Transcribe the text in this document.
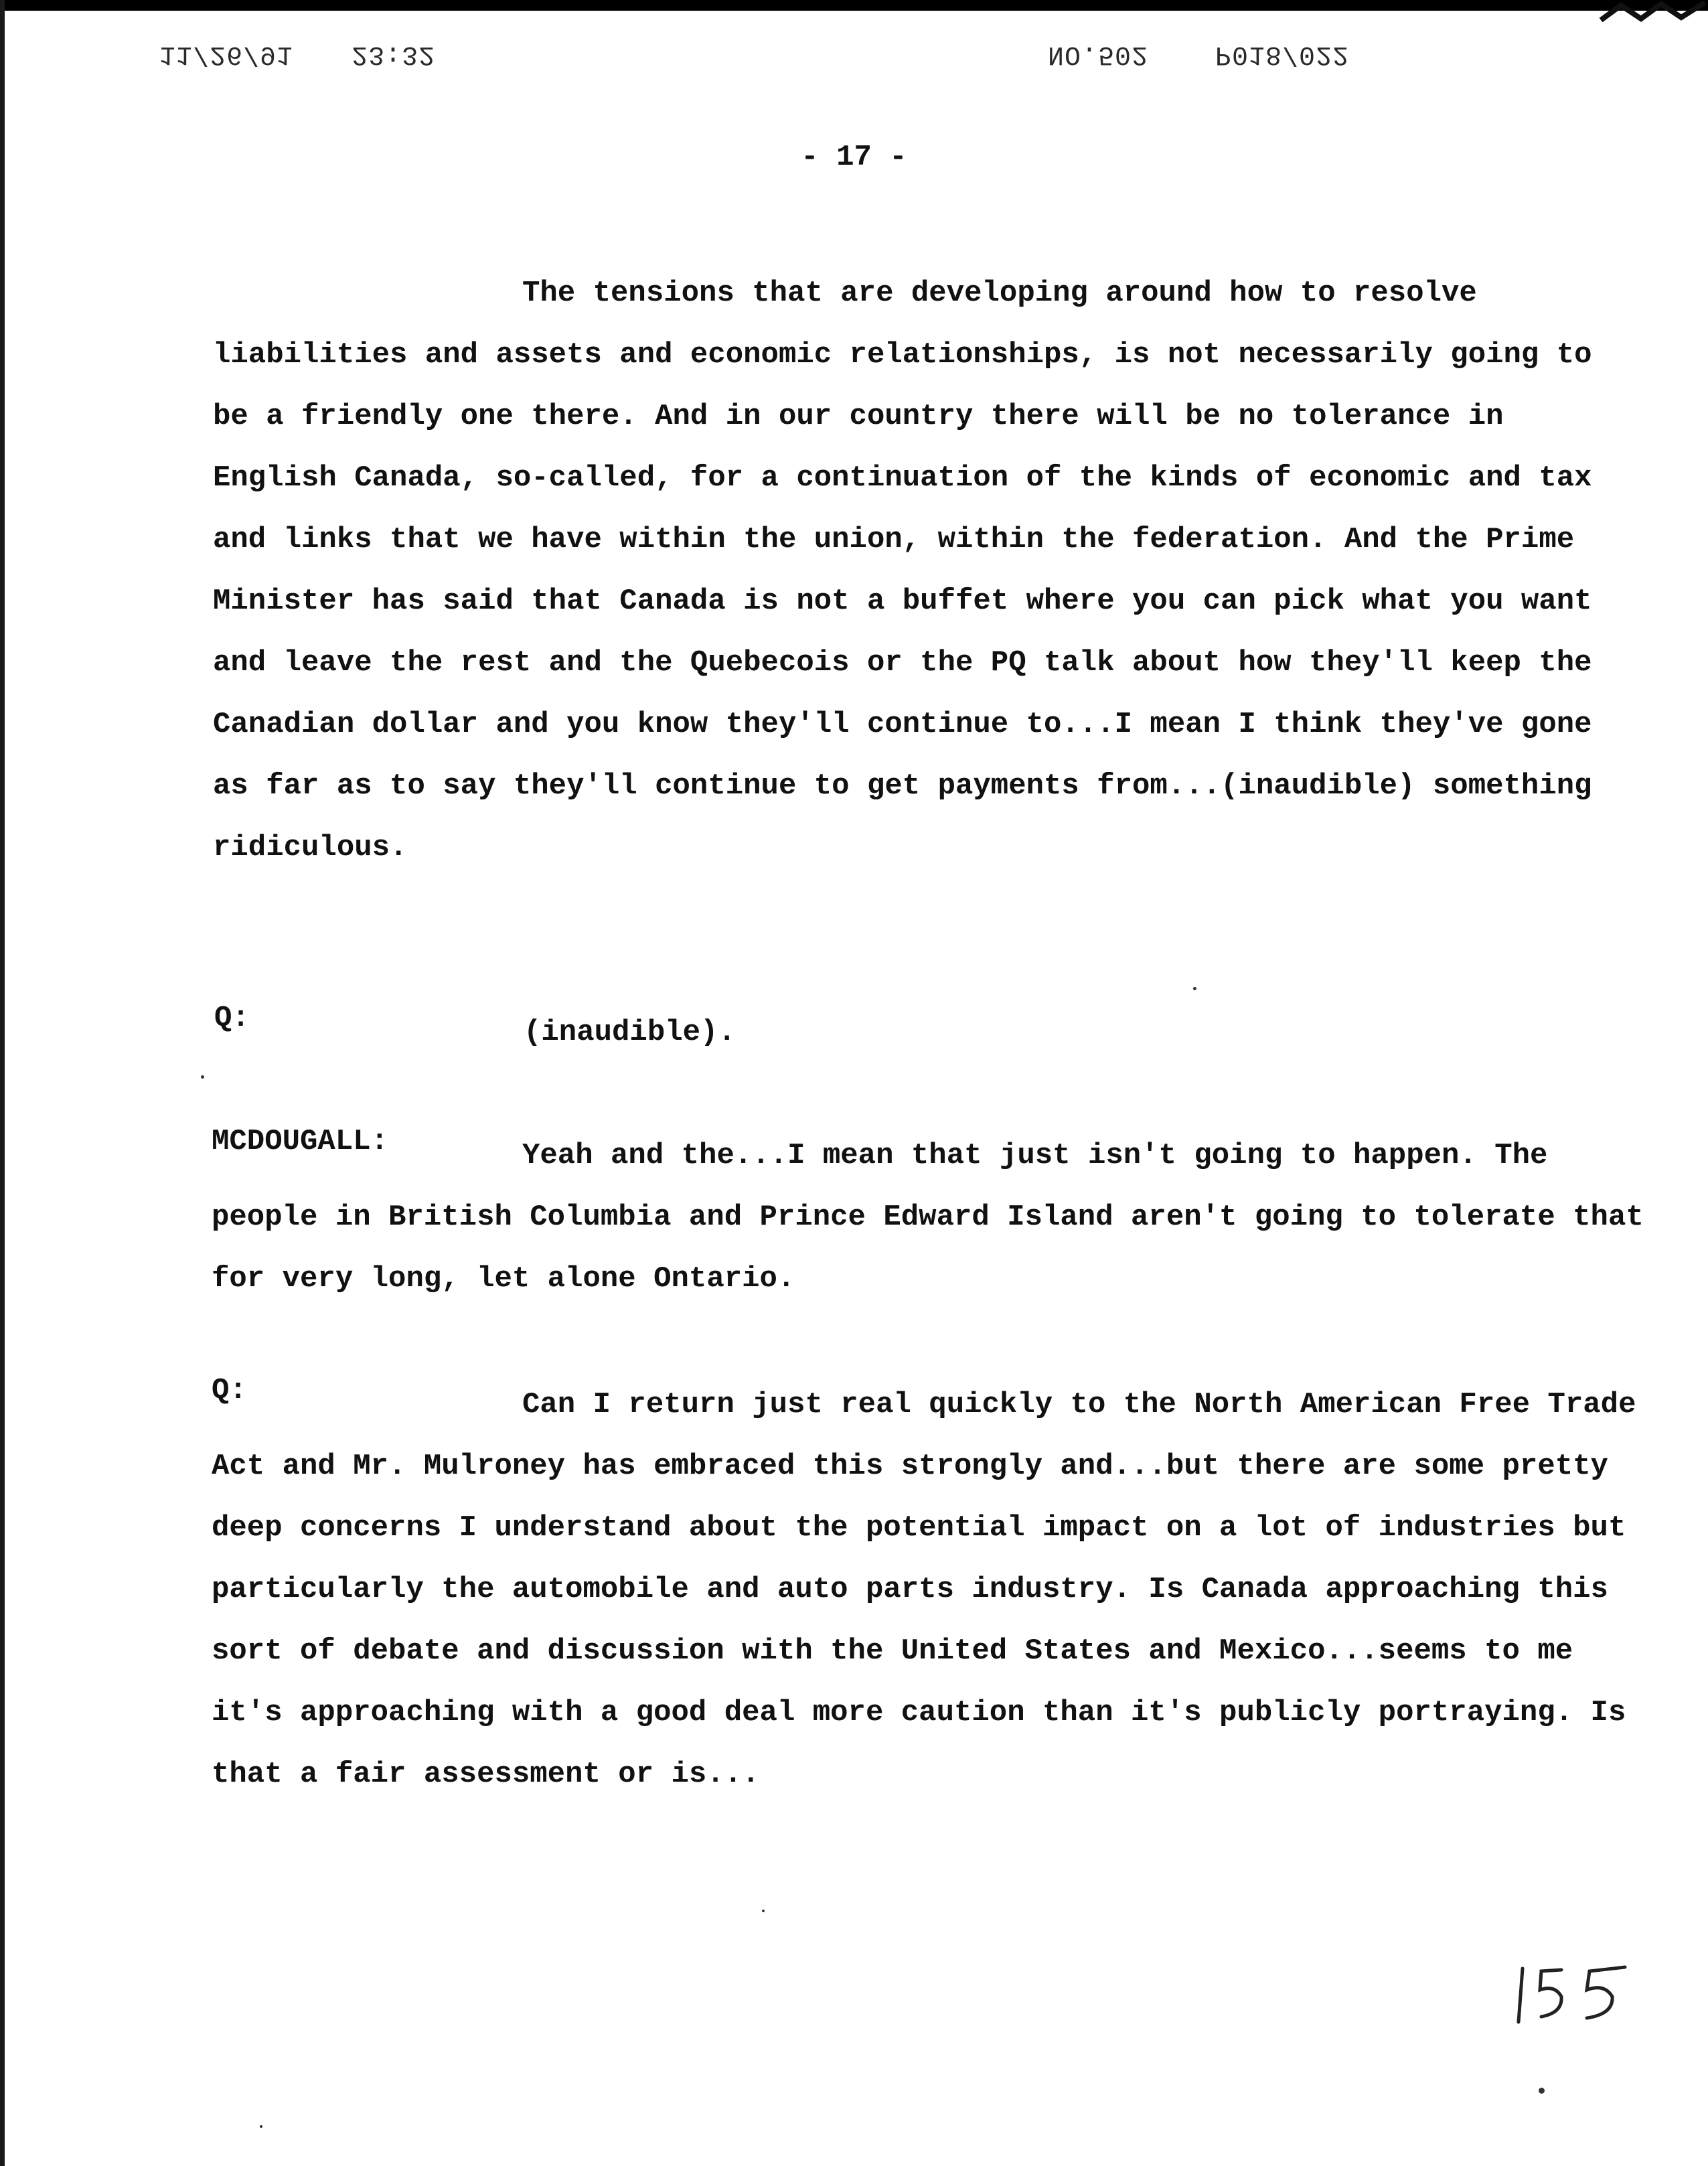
11/26/91 23:32	NO.502 P018/022
- 17 -

The tensions that are developing around how to resolve liabilities and assets and economic relationships, is not necessarily going to be a friendly one there. And in our country there will be no tolerance in English Canada, so-called, for a continuation of the kinds of economic and tax and links that we have within the union, within the federation. And the Prime Minister has said that Canada is not a buffet where you can pick what you want and leave the rest and the Quebecois or the PQ talk about how they'll keep the Canadian dollar and you know they'll continue to...I mean I think they've gone as far as to say they'll continue to get payments from...(inaudible) something ridiculous.

Q:	(inaudible).
MCDOUGALL:	Yeah and the...I mean that just isn't going to happen. The people in British Columbia and Prince Edward Island aren't going to tolerate that for very long, let alone Ontario.

Q:	Can I return just real quickly to the North American Free Trade Act and Mr. Mulroney has embraced this strongly and...but there are some pretty deep concerns I understand about the potential impact on a lot of industries but particularly the automobile and auto parts industry. Is Canada approaching this sort of debate and discussion with the United States and Mexico...seems to me it's approaching with a good deal more caution than it's publicly portraying. Is that a fair assessment or is...
